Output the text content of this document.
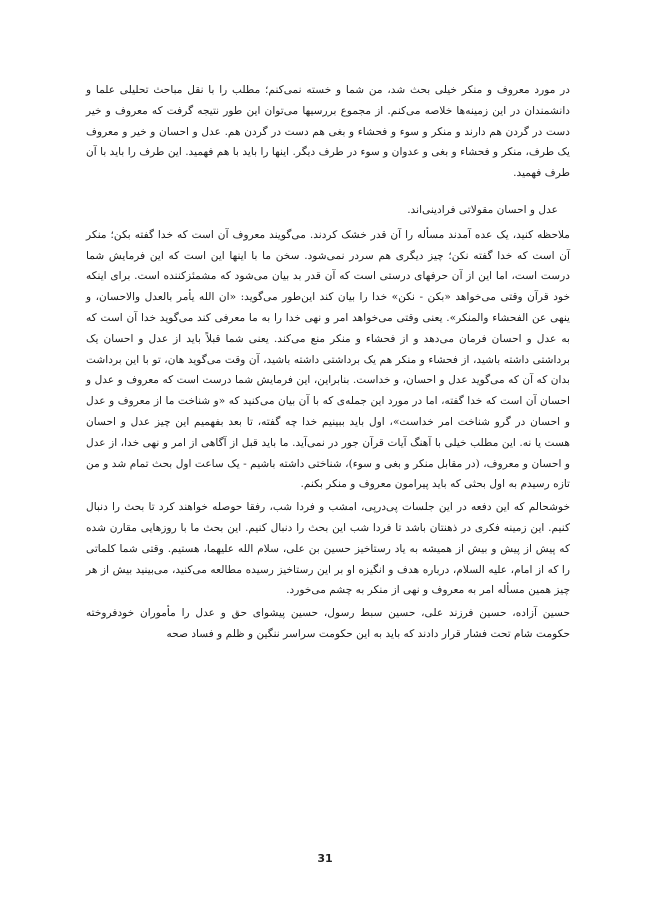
در مورد معروف و منکر خیلی بحث شد، من شما و خسته نمی‌کنم؛ مطلب را با نقل مباحث تحلیلی علما و دانشمندان در این زمینه‌ها خلاصه می‌کنم. از مجموع بررسیها می‌توان این طور نتیجه گرفت که معروف و خیر دست در گردن هم دارند و منکر و سوء و فحشاء و بغی هم دست در گردن هم. عدل و احسان و خیر و معروف یک طرف، منکر و فحشاء و بغی و عدوان و سوء در طرف دیگر. اینها را باید با هم فهمید. این طرف را باید با آن طرف فهمید.

عدل و احسان مقولاتی فرادینی‌اند.

ملاحظه کنید، یک عده آمدند مسأله را آن قدر خشک کردند. می‌گویند معروف آن است که خدا گفته بکن؛ منکر آن است که خدا گفته نکن؛ چیز دیگری هم سردر نمی‌شود. سخن ما با اینها این است که این فرمایش شما درست است، اما این از آن حرفهای درستی است که آن قدر بد بیان می‌شود که مشمئزکننده است. برای اینکه خود قرآن وقتی می‌خواهد «بکن - نکن» خدا را بیان کند این‌طور می‌گوید: «ان الله یأمر بالعدل والاحسان، و ینهی عن الفحشاء والمنکر». یعنی وقتی می‌خواهد امر و نهی خدا را به ما معرفی کند می‌گوید خدا آن است که به عدل و احسان فرمان می‌دهد و از فحشاء و منکر منع می‌کند. یعنی شما قبلاً باید از عدل و احسان یک برداشتی داشته باشید، از فحشاء و منکر هم یک برداشتی داشته باشید، آن وقت می‌گوید هان، تو با این برداشت بدان که آن که می‌گوید عدل و احسان، و خداست. بنابراین، این فرمایش شما درست است که معروف و عدل و احسان آن است که خدا گفته، اما در مورد این جمله‌ی که با آن بیان می‌کنید که «و شناخت ما از معروف و عدل و احسان در گرو شناخت امر خداست»، اول باید ببینیم خدا چه گفته، تا بعد بفهمیم این چیز عدل و احسان هست یا نه. این مطلب خیلی با آهنگ آیات قرآن جور در نمی‌آید. ما باید قبل از آگاهی از امر و نهی خدا، از عدل و احسان و معروف، (در مقابل منکر و بغی و سوء)، شناختی داشته باشیم - یک ساعت اول بحث تمام شد و من تازه رسیدم به اول بحثی که باید پیرامون معروف و منکر بکنم.

خوشحالم که این دفعه در این جلسات پی‌درپی، امشب و فردا شب، رفقا حوصله خواهند کرد تا بحث را دنبال کنیم. این زمینه فکری در ذهنتان باشد تا فردا شب این بحث را دنبال کنیم. این بحث ما با روزهایی مقارن شده که پیش از پیش و بیش از همیشه به یاد رستاخیز حسین بن علی، سلام الله علیهما، هستیم. وقتی شما کلماتی را که از امام، علیه السلام، درباره هدف و انگیزه او بر این رستاخیز رسیده مطالعه می‌کنید، می‌بینید بیش از هر چیز همین مسأله امر به معروف و نهی از منکر به چشم می‌خورد.

حسین آزاده، حسین فرزند علی، حسین سبط رسول، حسین پیشوای حق و عدل را مأموران خودفروخته حکومت شام تحت فشار قرار دادند که باید به این حکومت سراسر ننگین و ظلم و فساد صحه

31
